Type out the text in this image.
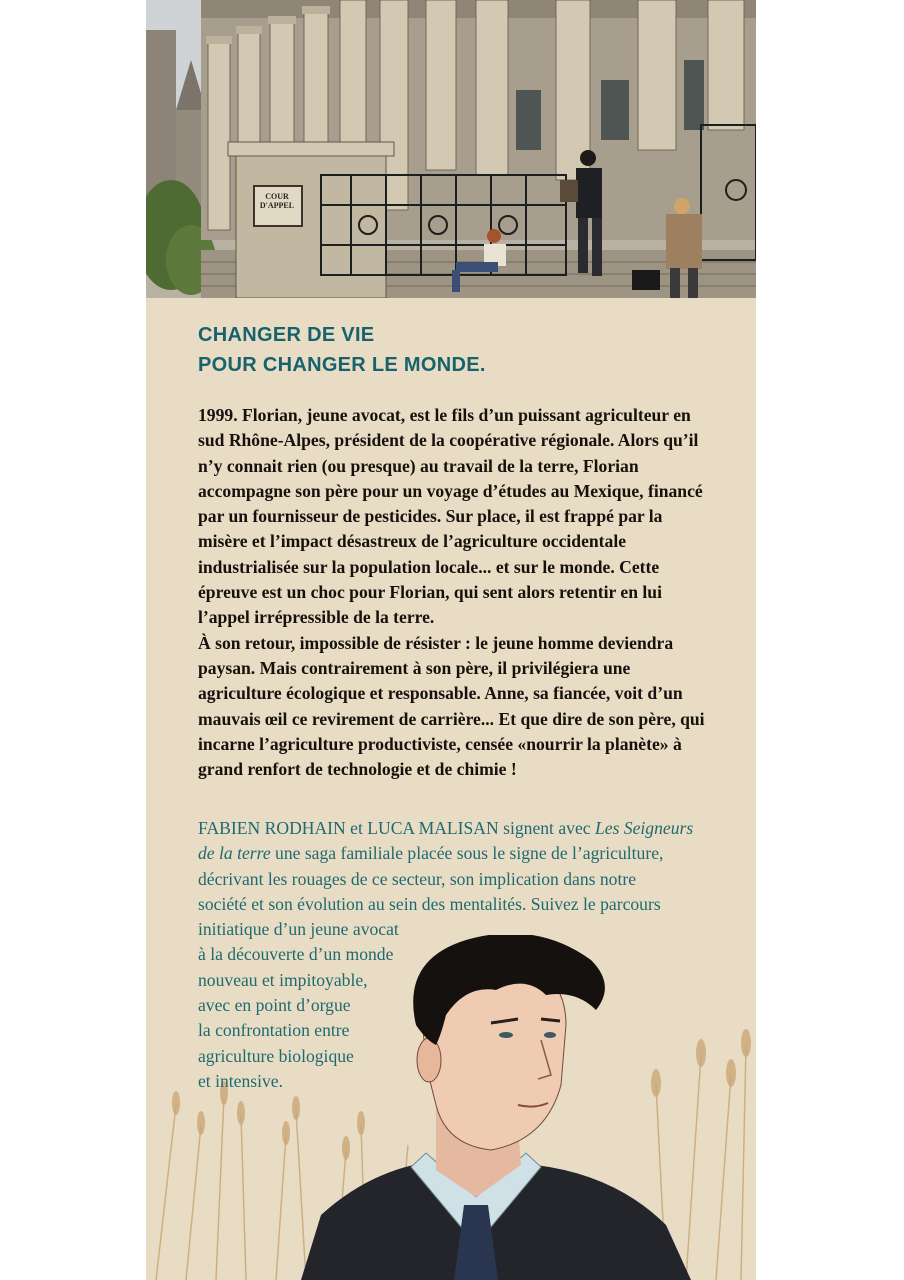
COUR
D'APPEL
CHANGER DE VIE
POUR CHANGER LE MONDE.

1999. Florian, jeune avocat, est le fils d’un puissant agriculteur en sud Rhône-Alpes, président de la coopérative régionale. Alors qu’il n’y connait rien (ou presque) au travail de la terre, Florian accompagne son père pour un voyage d’études au Mexique, financé par un fournisseur de pesticides. Sur place, il est frappé par la misère et l’impact désastreux de l’agriculture occidentale industrialisée sur la population locale... et sur le monde. Cette épreuve est un choc pour Florian, qui sent alors retentir en lui l’appel irrépressible de la terre.

À son retour, impossible de résister : le jeune homme deviendra paysan. Mais contrairement à son père, il privilégiera une agriculture écologique et responsable. Anne, sa fiancée, voit d’un mauvais œil ce revirement de carrière... Et que dire de son père, qui incarne l’agriculture productiviste, censée «nourrir la planète» à grand renfort de technologie et de chimie !

FABIEN RODHAIN et LUCA MALISAN signent avec Les Seigneurs
de la terre une saga familiale placée sous le signe de l’agriculture,
décrivant les rouages de ce secteur, son implication dans notre
société et son évolution au sein des mentalités. Suivez le parcours
initiatique d’un jeune avocat
à la découverte d’un monde
nouveau et impitoyable,
avec en point d’orgue
la confrontation entre
agriculture biologique
et intensive.
